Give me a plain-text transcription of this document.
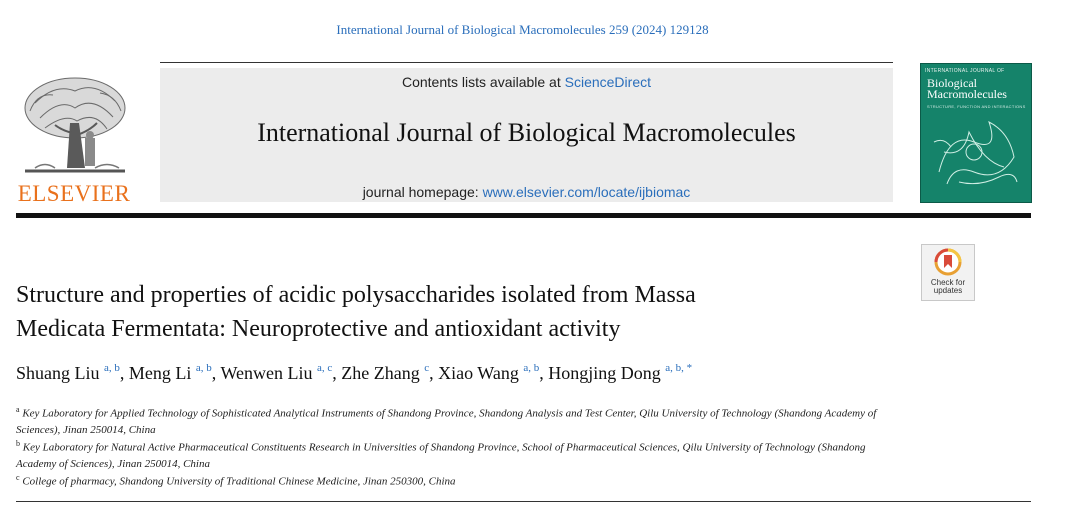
International Journal of Biological Macromolecules 259 (2024) 129128
ELSEVIER
Contents lists available at ScienceDirect
International Journal of Biological Macromolecules
journal homepage: www.elsevier.com/locate/ijbiomac
INTERNATIONAL JOURNAL OF
Biological
Macromolecules
STRUCTURE, FUNCTION AND INTERACTIONS
Check for
updates
Structure and properties of acidic polysaccharides isolated from Massa
Medicata Fermentata: Neuroprotective and antioxidant activity
Shuang Liu $^{a, b}$, Meng Li $^{a, b}$, Wenwen Liu $^{a, c}$, Zhe Zhang $^c$, Xiao Wang $^{a, b}$, Hongjing Dong $^{a, b, *}$
$^a$ Key Laboratory for Applied Technology of Sophisticated Analytical Instruments of Shandong Province, Shandong Analysis and Test Center, Qilu University of Technology (Shandong Academy of Sciences), Jinan 250014, China
$^b$ Key Laboratory for Natural Active Pharmaceutical Constituents Research in Universities of Shandong Province, School of Pharmaceutical Sciences, Qilu University of Technology (Shandong Academy of Sciences), Jinan 250014, China
$^c$ College of pharmacy, Shandong University of Traditional Chinese Medicine, Jinan 250300, China
